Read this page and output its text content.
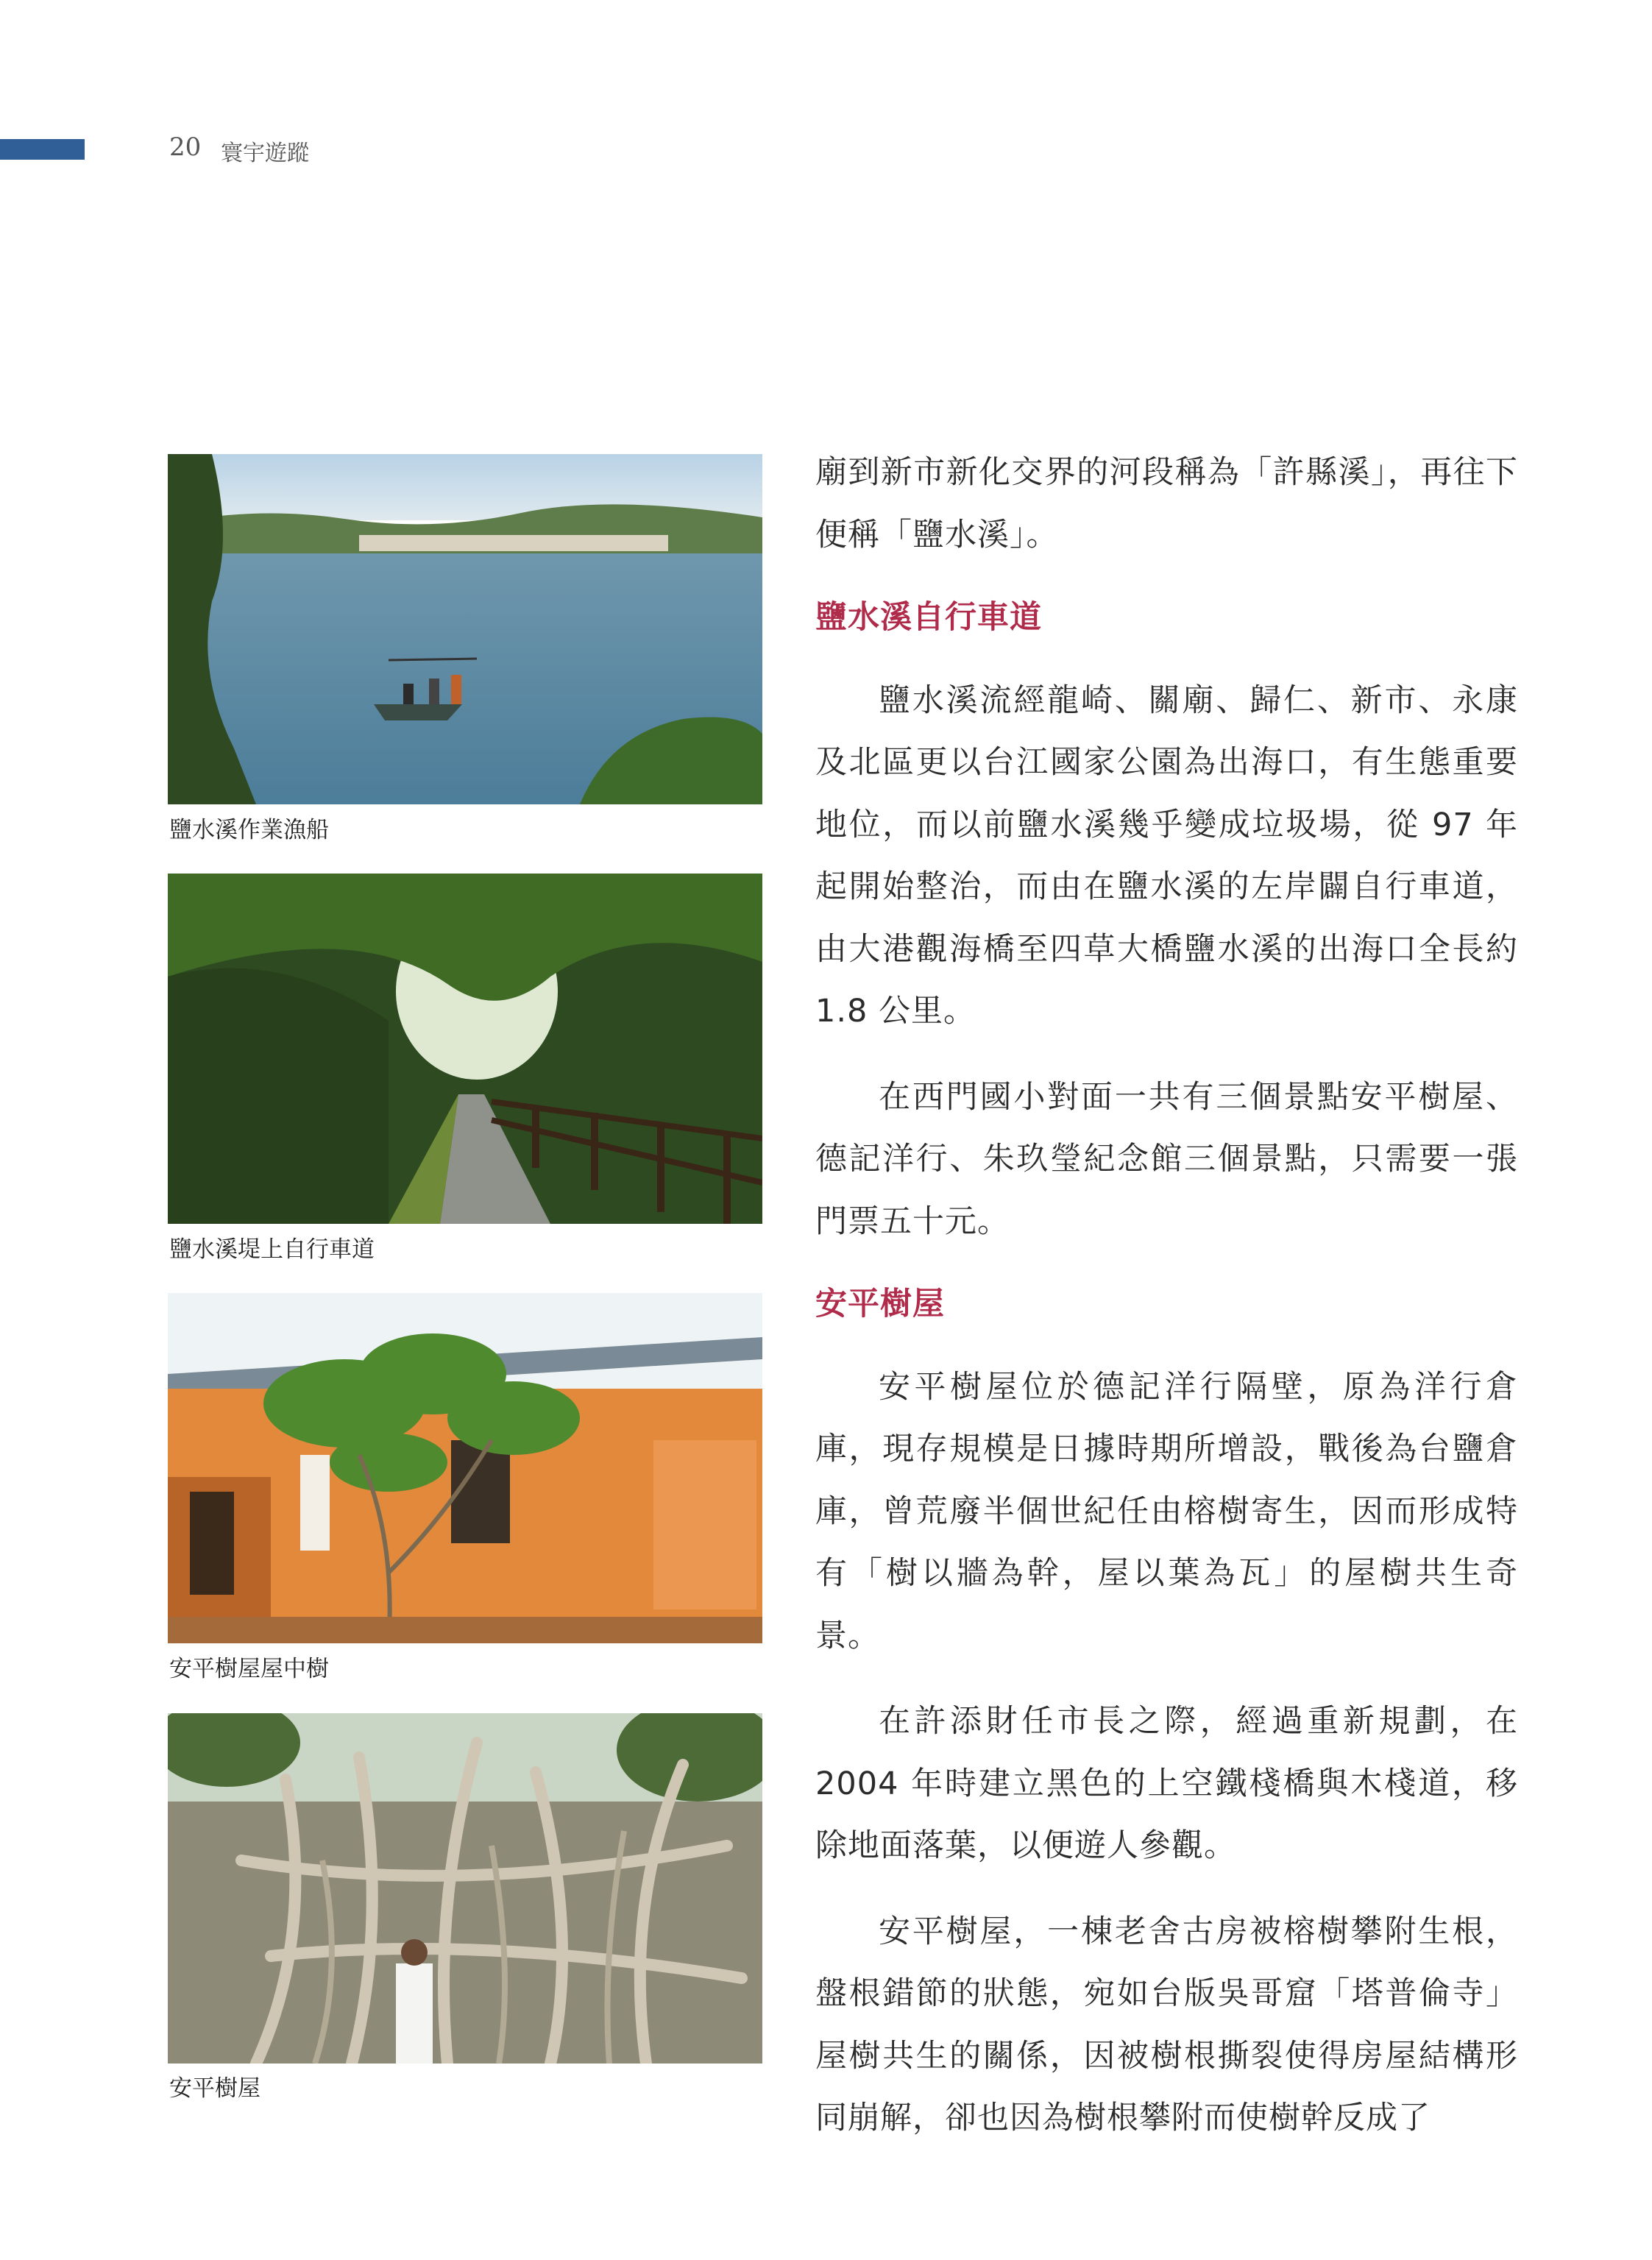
20 寰宇遊蹤
鹽水溪作業漁船
鹽水溪堤上自行車道
安平樹屋屋中樹
安平樹屋

廟到新市新化交界的河段稱為「許縣溪」，再往下便稱「鹽水溪」。

鹽水溪自行車道

鹽水溪流經龍崎、關廟、歸仁、新市、永康及北區更以台江國家公園為出海口，有生態重要地位，而以前鹽水溪幾乎變成垃圾場，從 97 年起開始整治，而由在鹽水溪的左岸闢自行車道，由大港觀海橋至四草大橋鹽水溪的出海口全長約 1.8 公里。

在西門國小對面一共有三個景點安平樹屋、德記洋行、朱玖瑩紀念館三個景點，只需要一張門票五十元。

安平樹屋

安平樹屋位於德記洋行隔壁，原為洋行倉庫，現存規模是日據時期所增設，戰後為台鹽倉庫，曾荒廢半個世紀任由榕樹寄生，因而形成特有「樹以牆為幹，屋以葉為瓦」的屋樹共生奇景。

在許添財任市長之際，經過重新規劃，在 2004 年時建立黑色的上空鐵棧橋與木棧道，移除地面落葉，以便遊人參觀。

安平樹屋，一棟老舍古房被榕樹攀附生根，盤根錯節的狀態，宛如台版吳哥窟「塔普倫寺」屋樹共生的關係，因被樹根撕裂使得房屋結構形同崩解，卻也因為樹根攀附而使樹幹反成了
